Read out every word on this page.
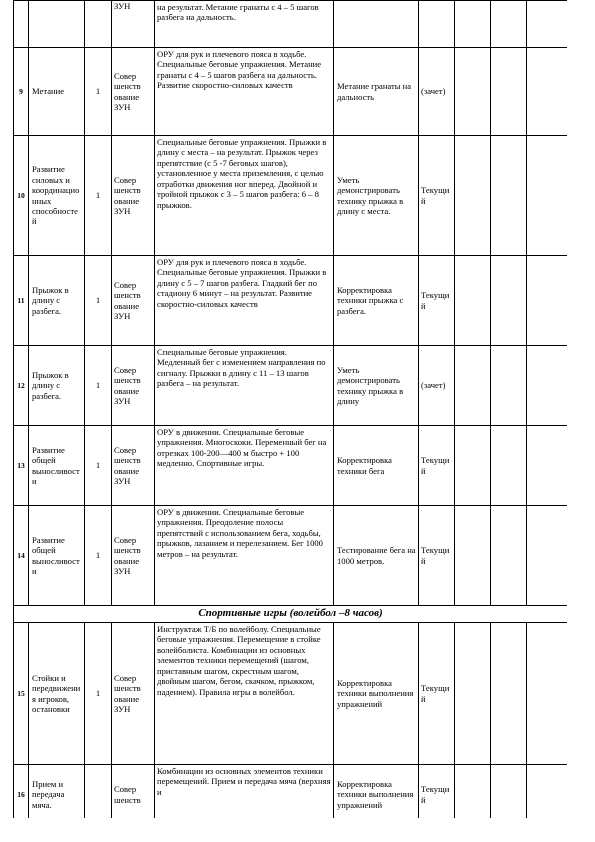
			ЗУН	на результат. Метание гранаты с 4 – 5 шагов разбега на дальность.					
9	Метание	1	Совер шенств ование ЗУН	ОРУ для рук и плечевого пояса в ходьбе. Специальные беговые упражнения. Метание гранаты с 4 – 5 шагов разбега на дальность. Развитие скоростно-силовых качеств	Метание гранаты на дальность	(зачет)			
10	Развитие силовых и координационных способностей	1	Совер шенств ование ЗУН	Специальные беговые упражнения. Прыжки в длину с места – на результат. Прыжок через препятствие (с 5 -7 беговых шагов), установленное у места приземления, с целью отработки движения ног вперед. Двойной и тройной прыжок с 3 – 5 шагов разбега: 6 – 8 прыжков.	Уметь демонстрировать технику прыжка в длину с места.	Текущий			
11	Прыжок в длину с разбега.	1	Совер шенств ование ЗУН	ОРУ для рук и плечевого пояса в ходьбе. Специальные беговые упражнения. Прыжки в длину с 5 – 7 шагов разбега. Гладкий бег по стадиону 6 минут – на результат. Развитие скоростно-силовых качеств	Корректировка техники прыжка с разбега.	Текущий			
12	Прыжок в длину с разбега.	1	Совер шенств ование ЗУН	Специальные беговые упражнения. Медленный бег с изменением направления по сигналу. Прыжки в длину с 11 – 13 шагов разбега – на результат.	Уметь демонстрировать технику прыжка в длину	(зачет)			
13	Развитие общей выносливости	1	Совер шенств ование ЗУН	ОРУ в движении. Специальные беговые упражнения. Многоскоки. Переменный бег на отрезках 100-200—400 м быстро + 100 медленно. Спортивные игры.	Корректировка техники бега	Текущий			
14	Развитие общей выносливости	1	Совер шенств ование ЗУН	ОРУ в движении. Специальные беговые упражнения. Преодоление полосы препятствий с использованием бега, ходьбы, прыжков, лазанием и перелезанием. Бег 1000 метров – на результат.	Тестирование бега на 1000 метров.	Текущий			
Спортивные игры (волейбол –8 часов)									
15	Стойки и передвижения игроков, остановки	1	Совер шенств ование ЗУН	Инструктаж Т/Б по волейболу. Специальные беговые упражнения. Перемещение в стойке волейболиста. Комбинации из основных элементов техники перемещений (шагом, приставным шагом, скрестным шагом, двойным шагом, бегом, скачком, прыжком, падением). Правила игры в волейбол.	Корректировка техники выполнения упражнений	Текущий			
16	Прием и передача мяча.		Совер шенств	Комбинации из основных элементов техники перемещений. Прием и передача мяча (верхняя и	Корректировка техники выполнения упражнений	Текущий			
